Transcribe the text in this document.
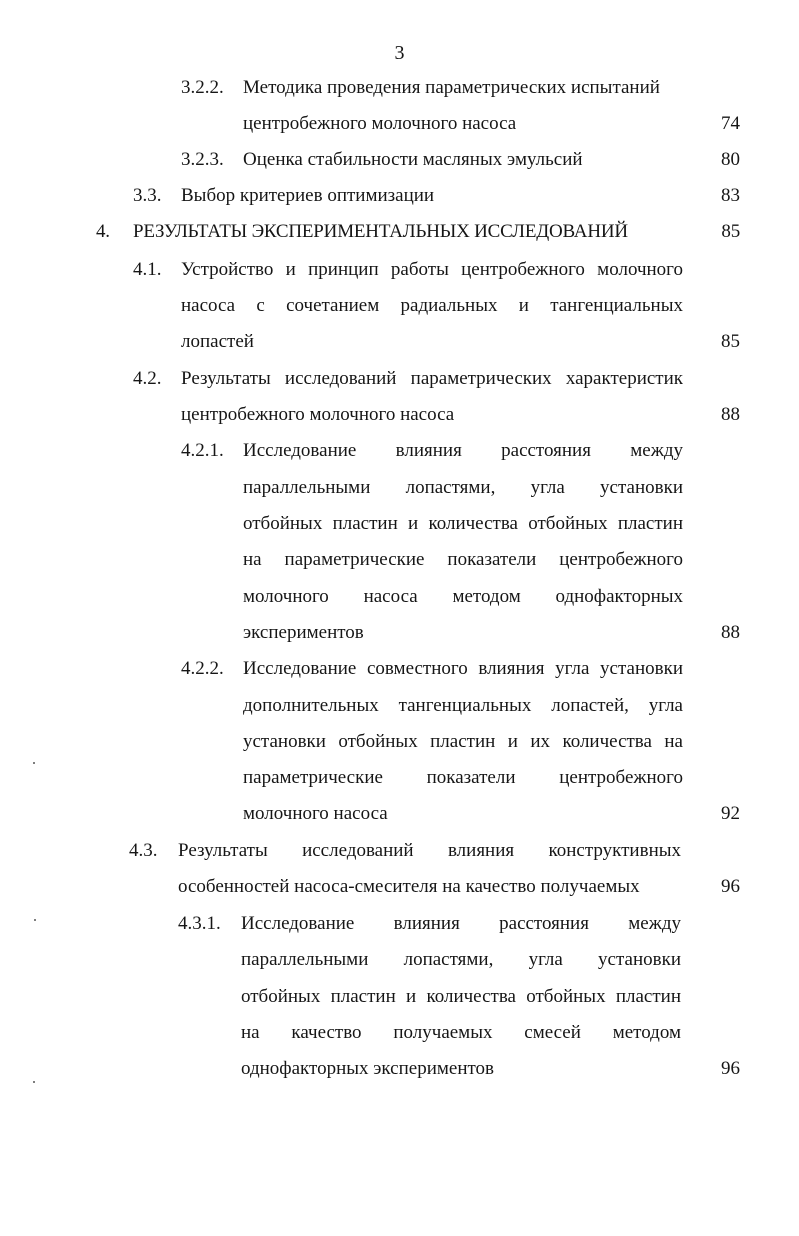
3
3.2.2. Методика проведения параметрических испытаний
центробежного молочного насоса	74
3.2.3. Оценка стабильности масляных эмульсий	80
3.3. Выбор критериев оптимизации	83
4. РЕЗУЛЬТАТЫ ЭКСПЕРИМЕНТАЛЬНЫХ ИССЛЕДОВАНИЙ	85
4.1. Устройство и принцип работы центробежного молочного
насоса с сочетанием радиальных и тангенциальных
лопастей	85
4.2. Результаты исследований параметрических характеристик
центробежного молочного насоса	88
4.2.1. Исследование влияния расстояния между
параллельными лопастями, угла установки
отбойных пластин и количества отбойных пластин
на параметрические показатели центробежного
молочного насоса методом однофакторных
экспериментов	88
4.2.2. Исследование совместного влияния угла установки
дополнительных тангенциальных лопастей, угла
установки отбойных пластин и их количества на
параметрические показатели центробежного
молочного насоса	92
4.3. Результаты исследований влияния конструктивных
особенностей насоса-смесителя на качество получаемых	96
4.3.1. Исследование влияния расстояния между
параллельными лопастями, угла установки
отбойных пластин и количества отбойных пластин
на качество получаемых смесей методом
однофакторных экспериментов	96
